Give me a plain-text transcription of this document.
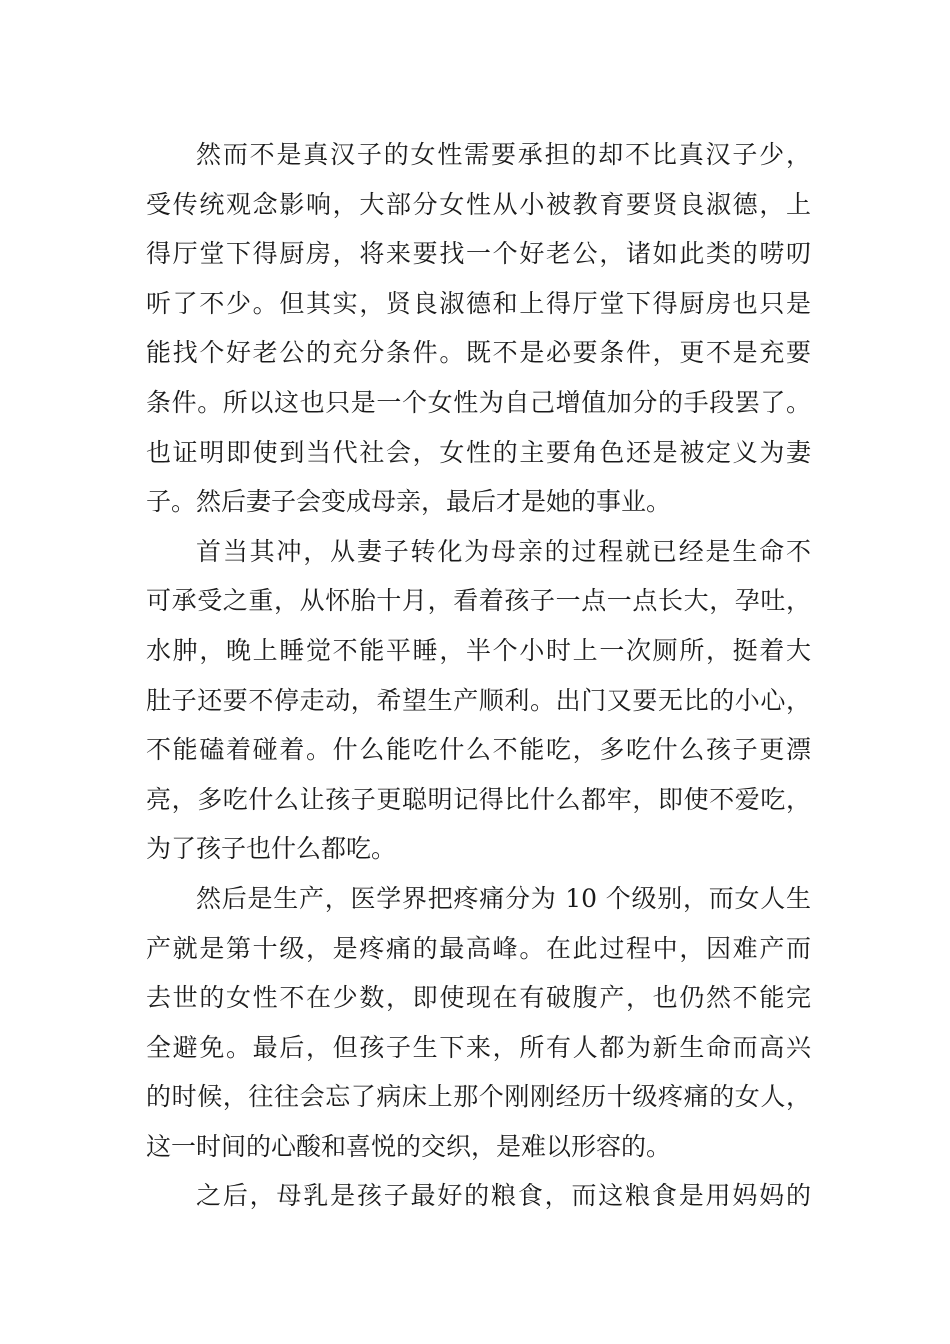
然而不是真汉子的女性需要承担的却不比真汉子少，
受传统观念影响，大部分女性从小被教育要贤良淑德，上
得厅堂下得厨房，将来要找一个好老公，诸如此类的唠叨
听了不少。但其实，贤良淑德和上得厅堂下得厨房也只是
能找个好老公的充分条件。既不是必要条件，更不是充要
条件。所以这也只是一个女性为自己增值加分的手段罢了。
也证明即使到当代社会，女性的主要角色还是被定义为妻
子。然后妻子会变成母亲，最后才是她的事业。
首当其冲，从妻子转化为母亲的过程就已经是生命不
可承受之重，从怀胎十月，看着孩子一点一点长大，孕吐，
水肿，晚上睡觉不能平睡，半个小时上一次厕所，挺着大
肚子还要不停走动，希望生产顺利。出门又要无比的小心，
不能磕着碰着。什么能吃什么不能吃，多吃什么孩子更漂
亮，多吃什么让孩子更聪明记得比什么都牢，即使不爱吃，
为了孩子也什么都吃。
然后是生产，医学界把疼痛分为 10 个级别，而女人生
产就是第十级，是疼痛的最高峰。在此过程中，因难产而
去世的女性不在少数，即使现在有破腹产，也仍然不能完
全避免。最后，但孩子生下来，所有人都为新生命而高兴
的时候，往往会忘了病床上那个刚刚经历十级疼痛的女人，
这一时间的心酸和喜悦的交织，是难以形容的。
之后，母乳是孩子最好的粮食，而这粮食是用妈妈的
